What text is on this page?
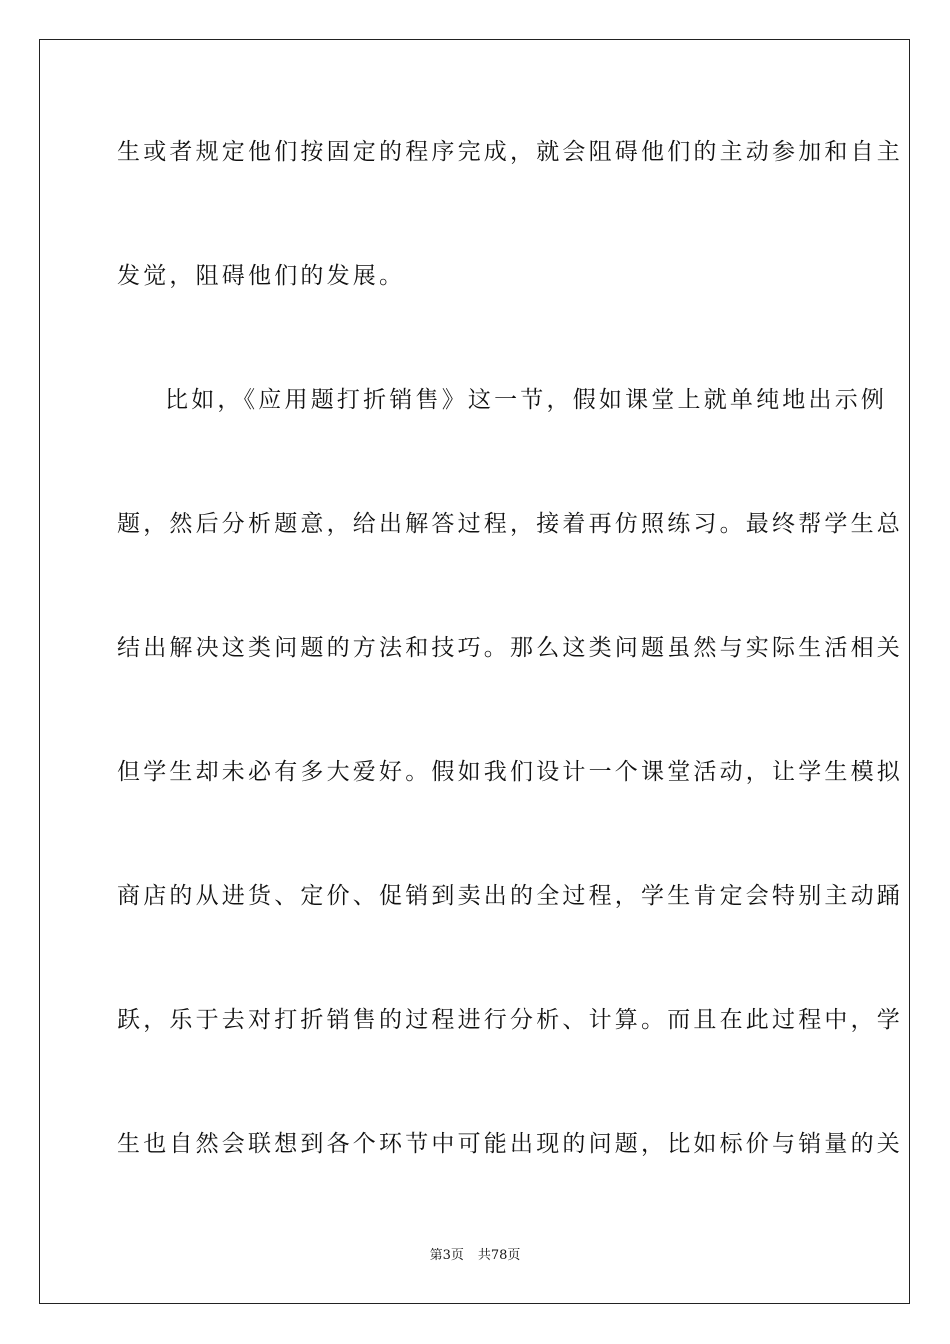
生或者规定他们按固定的程序完成，就会阻碍他们的主动参加和自主
发觉，阻碍他们的发展。
比如，《应用题打折销售》这一节，假如课堂上就单纯地出示例
题，然后分析题意，给出解答过程，接着再仿照练习。最终帮学生总
结出解决这类问题的方法和技巧。那么这类问题虽然与实际生活相关
但学生却未必有多大爱好。假如我们设计一个课堂活动，让学生模拟
商店的从进货、定价、促销到卖出的全过程，学生肯定会特别主动踊
跃，乐于去对打折销售的过程进行分析、计算。而且在此过程中，学
生也自然会联想到各个环节中可能出现的问题，比如标价与销量的关
第3页 共78页
